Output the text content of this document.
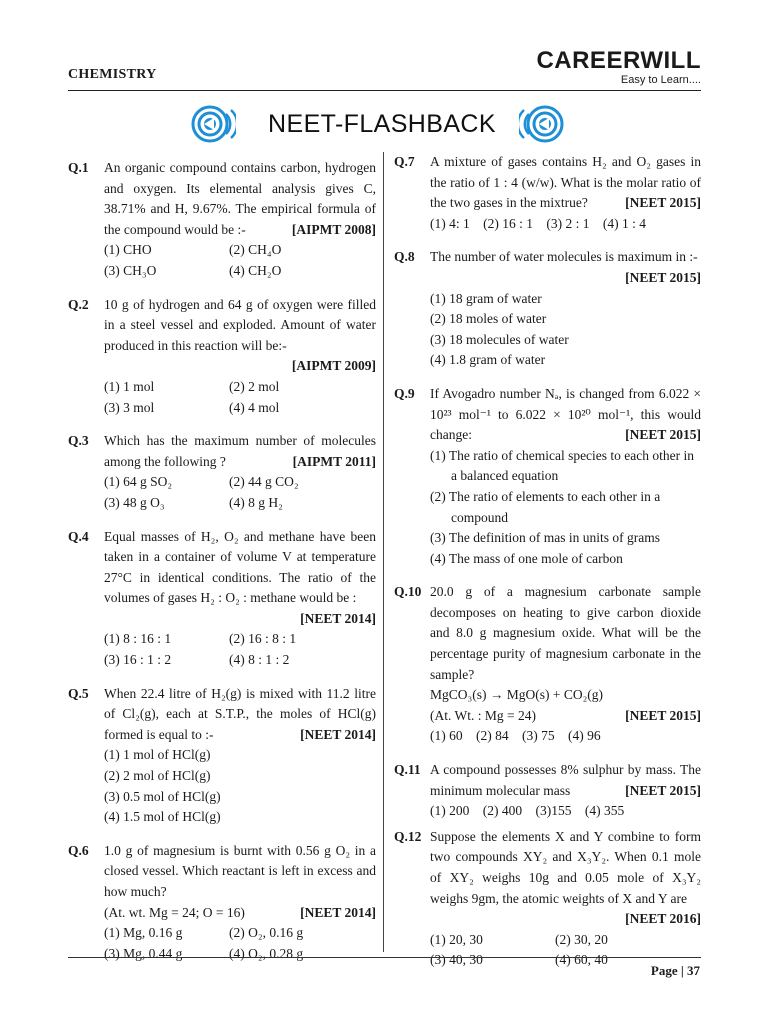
CHEMISTRY
CAREERWILL
Easy to Learn....
NEET-FLASHBACK
Q.1 An organic compound contains carbon, hydrogen and oxygen. Its elemental analysis gives C, 38.71% and H, 9.67%. The empirical formula of the compound would be :-	[AIPMT 2008]
(1) CHO	(2) CH₄O
(3) CH₃O	(4) CH₂O
Q.2 10 g of hydrogen and 64 g of oxygen were filled in a steel vessel and exploded. Amount of water produced in this reaction will be:-
[AIPMT 2009]
(1) 1 mol	(2) 2 mol
(3) 3 mol	(4) 4 mol
Q.3 Which has the maximum number of molecules among the following ?	[AIPMT 2011]
(1) 64 g SO₂	(2) 44 g CO₂
(3) 48 g O₃	(4) 8 g H₂
Q.4 Equal masses of H₂, O₂ and methane have been taken in a container of volume V at temperature 27°C in identical conditions. The ratio of the volumes of gases H₂ : O₂ : methane would be :
[NEET 2014]
(1) 8 : 16 : 1	(2) 16 : 8 : 1
(3) 16 : 1 : 2	(4) 8 : 1 : 2
Q.5 When 22.4 litre of H₂(g) is mixed with 11.2 litre of Cl₂(g), each at S.T.P., the moles of HCl(g) formed is equal to :-	[NEET 2014]
(1) 1 mol of HCl(g)
(2) 2 mol of HCl(g)
(3) 0.5 mol of HCl(g)
(4) 1.5 mol of HCl(g)
Q.6 1.0 g of magnesium is burnt with 0.56 g O₂ in a closed vessel. Which reactant is left in excess and how much?
(At. wt. Mg = 24; O = 16)	[NEET 2014]
(1) Mg, 0.16 g	(2) O₂, 0.16 g
(3) Mg, 0.44 g	(4) O₂, 0.28 g
Q.7 A mixture of gases contains H₂ and O₂ gases in the ratio of 1 : 4 (w/w). What is the molar ratio of the two gases in the mixtrue?	[NEET 2015]
(1) 4: 1 (2) 16 : 1 (3) 2 : 1 (4) 1 : 4
Q.8 The number of water molecules is maximum in :-
[NEET 2015]
(1) 18 gram of water
(2) 18 moles of water
(3) 18 molecules of water
(4) 1.8 gram of water
Q.9 If Avogadro number Nₐ, is changed from 6.022 × 10²³ mol⁻¹ to 6.022 × 10²⁰ mol⁻¹, this would change:	[NEET 2015]
(1) The ratio of chemical species to each other in a balanced equation
(2) The ratio of elements to each other in a compound
(3) The definition of mas in units of grams
(4) The mass of one mole of carbon
Q.10 20.0 g of a magnesium carbonate sample decomposes on heating to give carbon dioxide and 8.0 g magnesium oxide. What will be the percentage purity of magnesium carbonate in the sample?
MgCO₃(s) → MgO(s) + CO₂(g)
(At. Wt. : Mg = 24)	[NEET 2015]
(1) 60 (2) 84 (3) 75 (4) 96
Q.11 A compound possesses 8% sulphur by mass. The minimum molecular mass	[NEET 2015]
(1) 200 (2) 400 (3)155 (4) 355
Q.12 Suppose the elements X and Y combine to form two compounds XY₂ and X₃Y₂. When 0.1 mole of XY₂ weighs 10g and 0.05 mole of X₃Y₂ weighs 9gm, the atomic weights of X and Y are
[NEET 2016]
(1) 20, 30	(2) 30, 20
(3) 40, 30	(4) 60, 40
Page | 37
